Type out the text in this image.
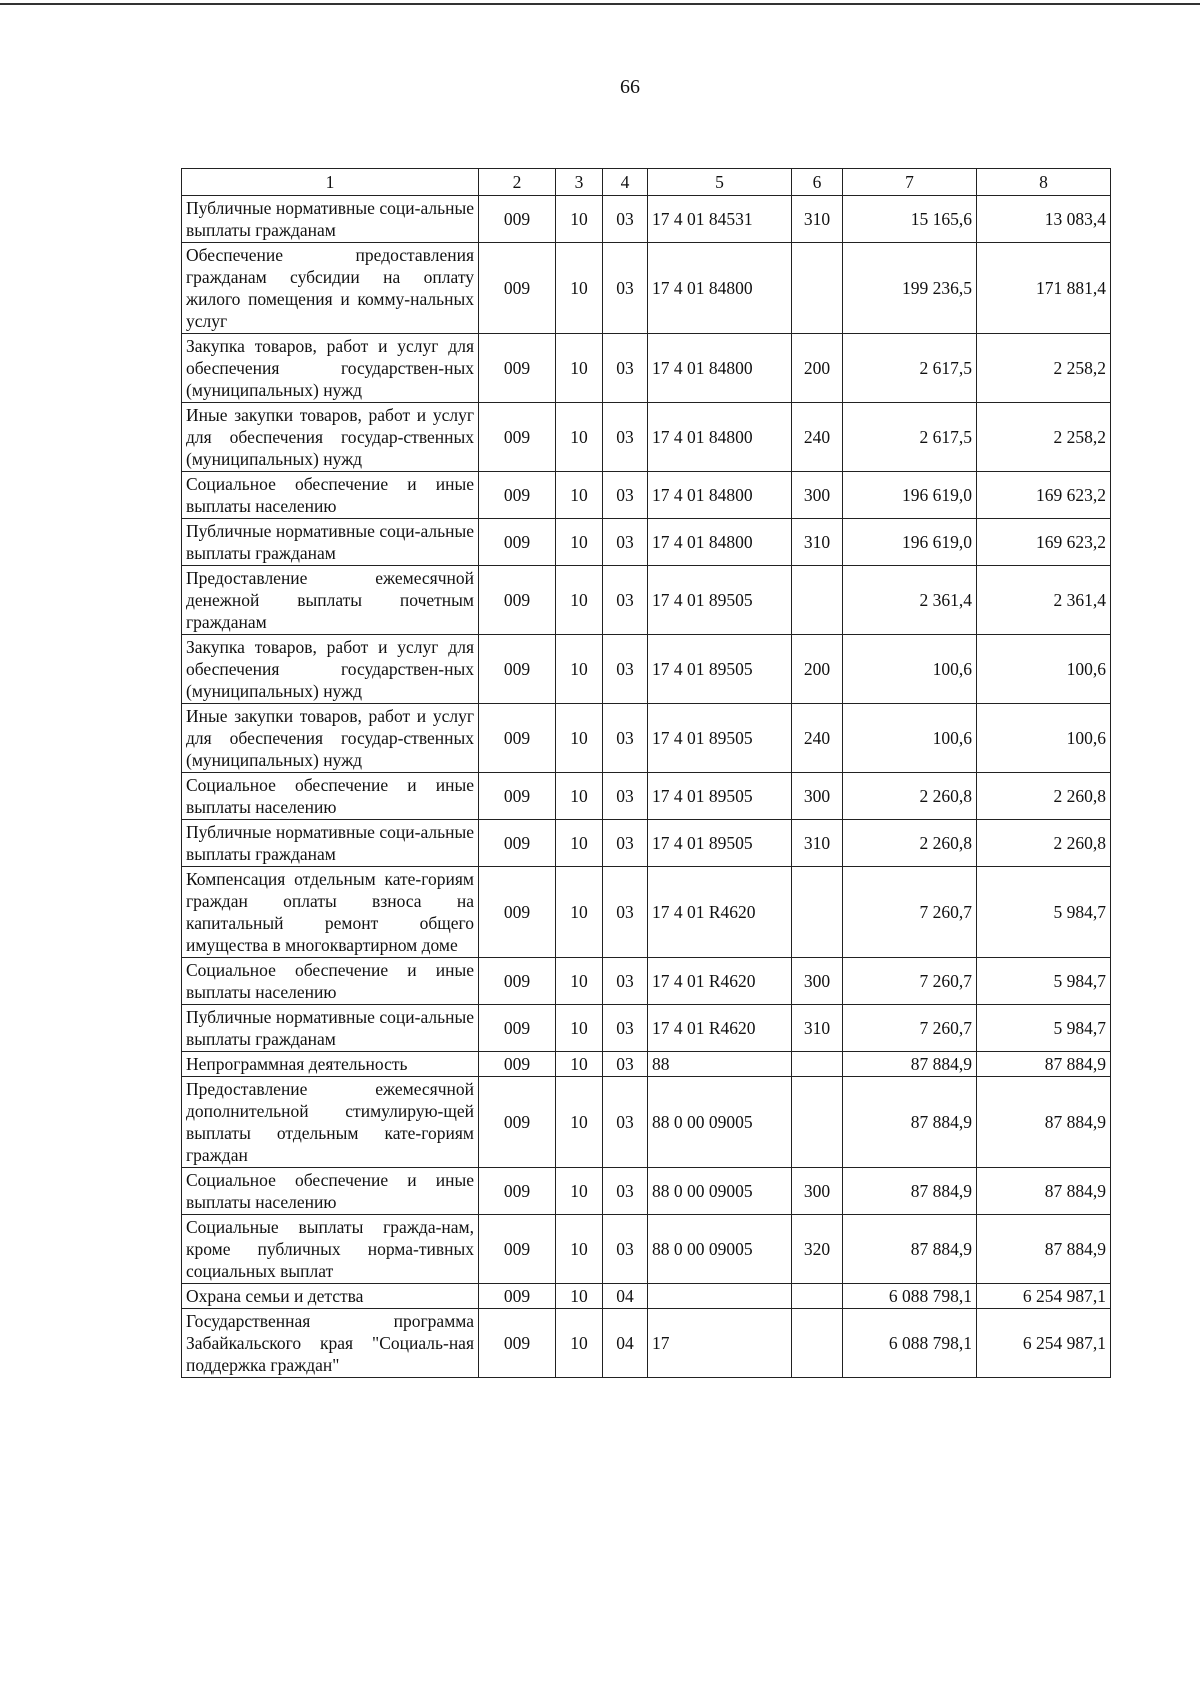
66
1	2	3	4	5	6	7	8
Публичные нормативные соци-альные выплаты гражданам	009	10	03	17 4 01 84531	310	15 165,6	13 083,4
Обеспечение предоставления гражданам субсидии на оплату жилого помещения и комму-нальных услуг	009	10	03	17 4 01 84800		199 236,5	171 881,4
Закупка товаров, работ и услуг для обеспечения государствен-ных (муниципальных) нужд	009	10	03	17 4 01 84800	200	2 617,5	2 258,2
Иные закупки товаров, работ и услуг для обеспечения государ-ственных (муниципальных) нужд	009	10	03	17 4 01 84800	240	2 617,5	2 258,2
Социальное обеспечение и иные выплаты населению	009	10	03	17 4 01 84800	300	196 619,0	169 623,2
Публичные нормативные соци-альные выплаты гражданам	009	10	03	17 4 01 84800	310	196 619,0	169 623,2
Предоставление ежемесячной денежной выплаты почетным гражданам	009	10	03	17 4 01 89505		2 361,4	2 361,4
Закупка товаров, работ и услуг для обеспечения государствен-ных (муниципальных) нужд	009	10	03	17 4 01 89505	200	100,6	100,6
Иные закупки товаров, работ и услуг для обеспечения государ-ственных (муниципальных) нужд	009	10	03	17 4 01 89505	240	100,6	100,6
Социальное обеспечение и иные выплаты населению	009	10	03	17 4 01 89505	300	2 260,8	2 260,8
Публичные нормативные соци-альные выплаты гражданам	009	10	03	17 4 01 89505	310	2 260,8	2 260,8
Компенсация отдельным кате-гориям граждан оплаты взноса на капитальный ремонт общего имущества в многоквартирном доме	009	10	03	17 4 01 R4620		7 260,7	5 984,7
Социальное обеспечение и иные выплаты населению	009	10	03	17 4 01 R4620	300	7 260,7	5 984,7
Публичные нормативные соци-альные выплаты гражданам	009	10	03	17 4 01 R4620	310	7 260,7	5 984,7
Непрограммная деятельность	009	10	03	88		87 884,9	87 884,9
Предоставление ежемесячной дополнительной стимулирую-щей выплаты отдельным кате-гориям граждан	009	10	03	88 0 00 09005		87 884,9	87 884,9
Социальное обеспечение и иные выплаты населению	009	10	03	88 0 00 09005	300	87 884,9	87 884,9
Социальные выплаты гражда-нам, кроме публичных норма-тивных социальных выплат	009	10	03	88 0 00 09005	320	87 884,9	87 884,9
Охрана семьи и детства	009	10	04			6 088 798,1	6 254 987,1
Государственная программа Забайкальского края "Социаль-ная поддержка граждан"	009	10	04	17		6 088 798,1	6 254 987,1
